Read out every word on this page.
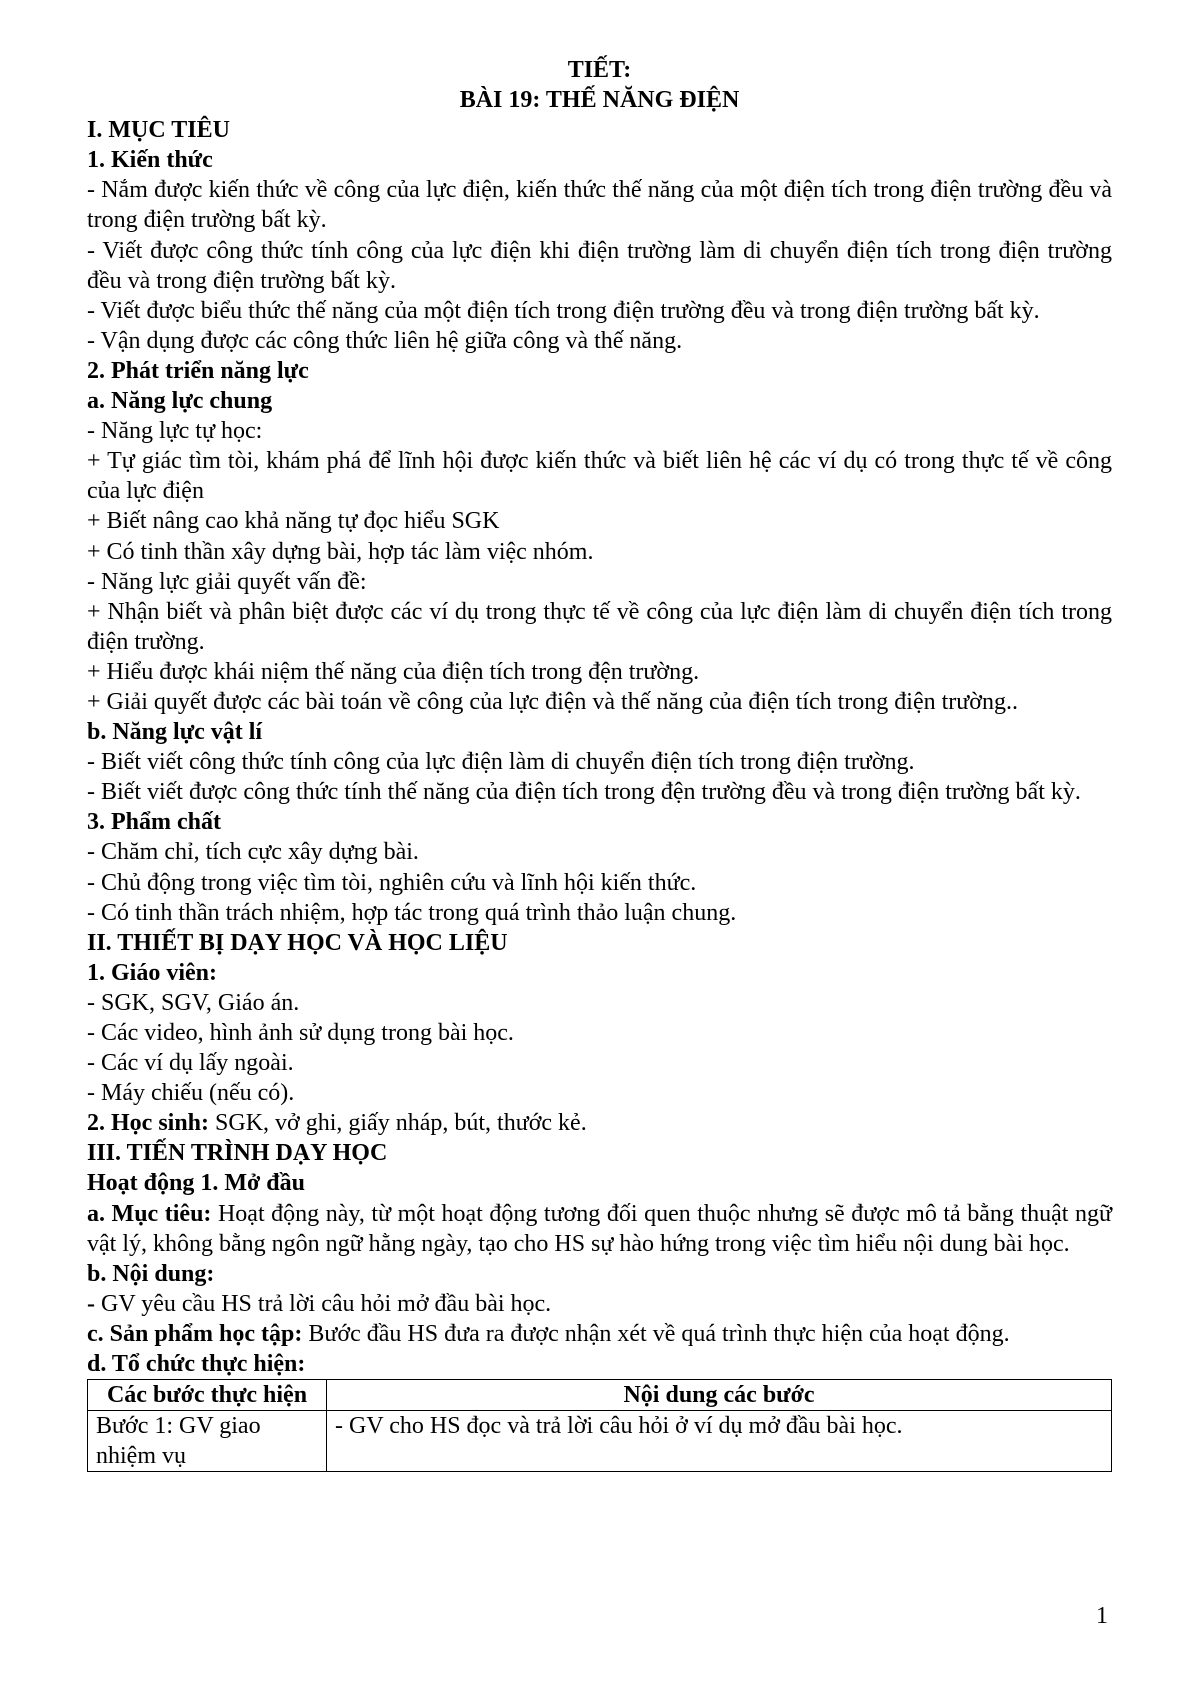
TIẾT:
BÀI 19: THẾ NĂNG ĐIỆN
I. MỤC TIÊU
1. Kiến thức
- Nắm được kiến thức về công của lực điện, kiến thức thế năng của một điện tích trong điện trường đều và trong điện trường bất kỳ.
- Viết được công thức tính công của lực điện khi điện trường làm di chuyển điện tích trong điện trường đều và trong điện trường bất kỳ.
- Viết được biểu thức thế năng của một điện tích trong điện trường đều và trong điện trường bất kỳ.
- Vận dụng được các công thức liên hệ giữa công và thế năng.
2. Phát triển năng lực
a. Năng lực chung
- Năng lực tự học:
+ Tự giác tìm tòi, khám phá để lĩnh hội được kiến thức và biết liên hệ các ví dụ có trong thực tế về công của lực điện
+ Biết nâng cao khả năng tự đọc hiểu SGK
+ Có tinh thần xây dựng bài, hợp tác làm việc nhóm.
- Năng lực giải quyết vấn đề:
+ Nhận biết và phân biệt được các ví dụ trong thực tế về công của lực điện làm di chuyển điện tích trong điện trường.
+ Hiểu được khái niệm thế năng của điện tích trong đện trường.
+ Giải quyết được các bài toán về công của lực điện và thế năng của điện tích trong điện trường..
b. Năng lực vật lí
- Biết viết công thức tính công của lực điện làm di chuyển điện tích trong điện trường.
- Biết viết được công thức tính thế năng của điện tích trong đện trường đều và trong điện trường bất kỳ.
3. Phẩm chất
- Chăm chỉ, tích cực xây dựng bài.
- Chủ động trong việc tìm tòi, nghiên cứu và lĩnh hội kiến thức.
- Có tinh thần trách nhiệm, hợp tác trong quá trình thảo luận chung.
II. THIẾT BỊ DẠY HỌC VÀ HỌC LIỆU
1. Giáo viên:
- SGK, SGV, Giáo án.
- Các video, hình ảnh sử dụng trong bài học.
- Các ví dụ lấy ngoài.
- Máy chiếu (nếu có).
2. Học sinh: SGK, vở ghi, giấy nháp, bút, thước kẻ.
III. TIẾN TRÌNH DẠY HỌC
Hoạt động 1. Mở đầu
a. Mục tiêu: Hoạt động này, từ một hoạt động tương đối quen thuộc nhưng sẽ được mô tả bằng thuật ngữ vật lý, không bằng ngôn ngữ hằng ngày, tạo cho HS sự hào hứng trong việc tìm hiểu nội dung bài học.
b. Nội dung:
- GV yêu cầu HS trả lời câu hỏi mở đầu bài học.
c. Sản phẩm học tập: Bước đầu HS đưa ra được nhận xét về quá trình thực hiện của hoạt động.
d. Tổ chức thực hiện:
Các bước thực hiện	Nội dung các bước
Bước 1: GV giao nhiệm vụ	- GV cho HS đọc và trả lời câu hỏi ở ví dụ mở đầu bài học.
1
